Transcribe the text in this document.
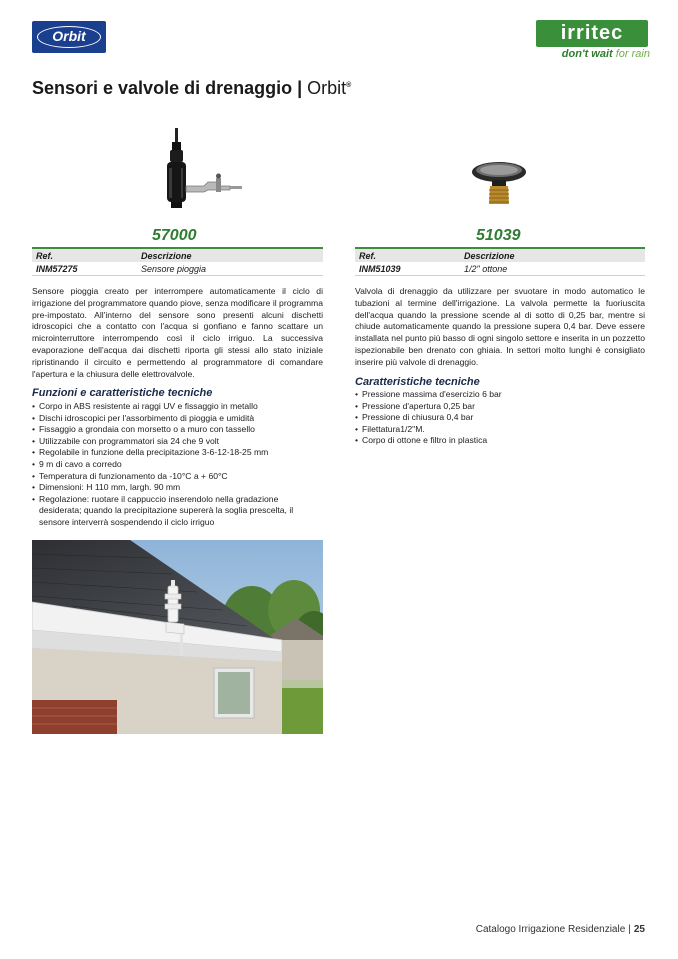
Orbit	irritec
don't wait for rain
Sensori e valvole di drenaggio | Orbit®
57000	51039
Ref.	Descrizione
INM57275	Sensore pioggia
Ref.	Descrizione
INM51039	1/2" ottone
Sensore pioggia creato per interrompere automaticamente il ciclo di irrigazione del programmatore quando piove, senza modificare il programma pre-impostato. All'interno del sensore sono presenti alcuni dischetti idroscopici che a contatto con l'acqua si gonfiano e fanno scattare un microinterruttore interrompendo così il ciclo irriguo. La successiva evaporazione dell'acqua dai dischetti riporta gli stessi allo stato iniziale ripristinando il circuito e permettendo al programmatore di comandare l'apertura e la chiusura delle elettrovalvole.
Valvola di drenaggio da utilizzare per svuotare in modo automatico le tubazioni al termine dell'irrigazione. La valvola permette la fuoriuscita dell'acqua quando la pressione scende al di sotto di 0,25 bar, mentre si chiude automaticamente quando la pressione supera 0,4 bar. Deve essere installata nel punto più basso di ogni singolo settore e inserita in un pozzetto ispezionabile ben drenato con ghiaia. In settori molto lunghi è consigliato inserire più valvole di drenaggio.
Funzioni e caratteristiche tecniche
Caratteristiche tecniche
• Corpo in ABS resistente ai raggi UV e fissaggio in metallo
• Dischi idroscopici per l'assorbimento di pioggia e umidità
• Fissaggio a grondaia con morsetto o a muro con tassello
• Utilizzabile con programmatori sia 24 che 9 volt
• Regolabile in funzione della precipitazione 3-6-12-18-25 mm
• 9 m di cavo a corredo
• Temperatura di funzionamento da -10°C a + 60°C
• Dimensioni: H 110 mm, largh. 90 mm
• Regolazione: ruotare il cappuccio inserendolo nella gradazione desiderata; quando la precipitazione supererà la soglia prescelta, il sensore interverrà sospendendo il ciclo irriguo
• Pressione massima d'esercizio 6 bar
• Pressione d'apertura 0,25 bar
• Pressione di chiusura 0,4 bar
• Filettatura1/2"M.
• Corpo di ottone e filtro in plastica
Catalogo Irrigazione Residenziale | 25
